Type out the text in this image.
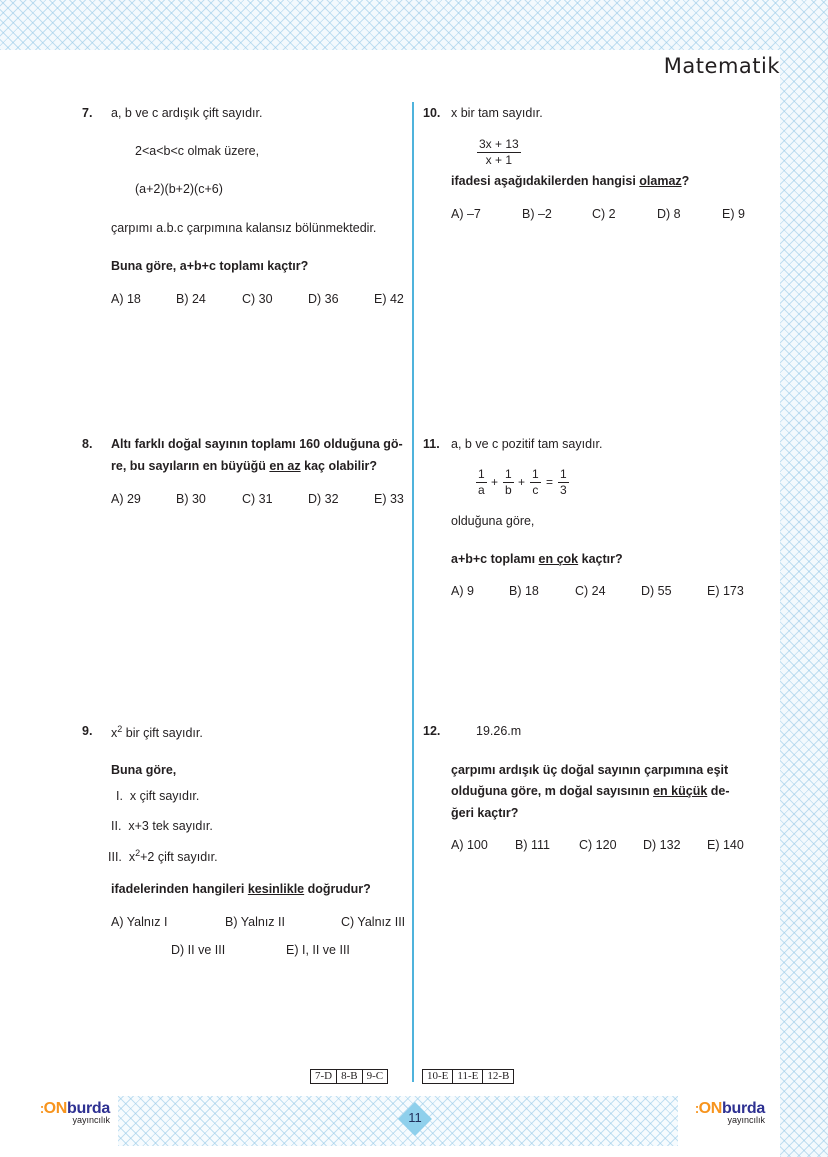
Matematik
7. a, b ve c ardışık çift sayıdır.
2<a<b<c olmak üzere,
(a+2)(b+2)(c+6)
çarpımı a.b.c çarpımına kalansız bölünmektedir.
Buna göre, a+b+c toplamı kaçtır?
A) 18	B) 24	C) 30	D) 36	E) 42
8. Altı farklı doğal sayının toplamı 160 olduğuna gö-
re, bu sayıların en büyüğü en az kaç olabilir?
A) 29	B) 30	C) 31	D) 32	E) 33
9. $x^2$ bir çift sayıdır.
Buna göre,
I. x çift sayıdır.
II. x+3 tek sayıdır.
III. $x^2+2$ çift sayıdır.
ifadelerinden hangileri kesinlikle doğrudur?
A) Yalnız I	B) Yalnız II	C) Yalnız III
D) II ve III	E) I, II ve III
10. x bir tam sayıdır.
$\frac{3x + 13}{x + 1}$
ifadesi aşağıdakilerden hangisi olamaz?
A) –7	B) –2	C) 2	D) 8	E) 9
11. a, b ve c pozitif tam sayıdır.
$\frac{1}{a} + \frac{1}{b} + \frac{1}{c} = \frac{1}{3}$
olduğuna göre,
a+b+c toplamı en çok kaçtır?
A) 9	B) 18	C) 24	D) 55	E) 173
12.	19.26.m
çarpımı ardışık üç doğal sayının çarpımına eşit
olduğuna göre, m doğal sayısının en küçük de-
ğeri kaçtır?
A) 100 B) 111 C) 120 D) 132 E) 140
7-D 8-B 9-C	10-E 11-E 12-B
⁚ONburda
yayıncılık	11	⁚ONburda
yayıncılık
